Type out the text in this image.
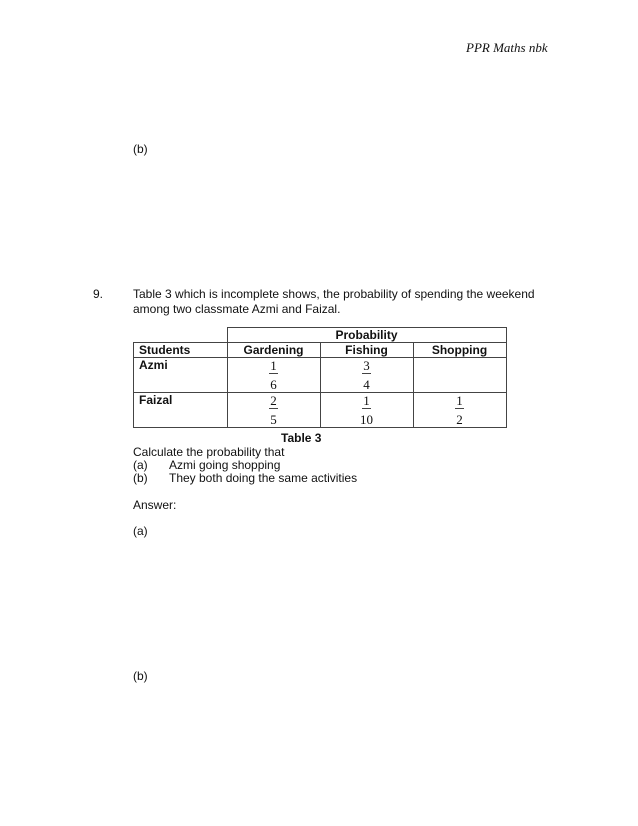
PPR Maths nbk
(b)
9. Table 3 which is incomplete shows, the probability of spending the weekend
among two classmate Azmi and Faizal.
	Probability		
Students	Gardening	Fishing	Shopping
Azmi	$\frac{1}{6}$	$\frac{3}{4}$

Faizal	$\frac{2}{5}$	$\frac{1}{10}$	$\frac{1}{2}$
Table 3
Calculate the probability that
(a) Azmi going shopping
(b) They both doing the same activities
Answer:
(a)
(b)
